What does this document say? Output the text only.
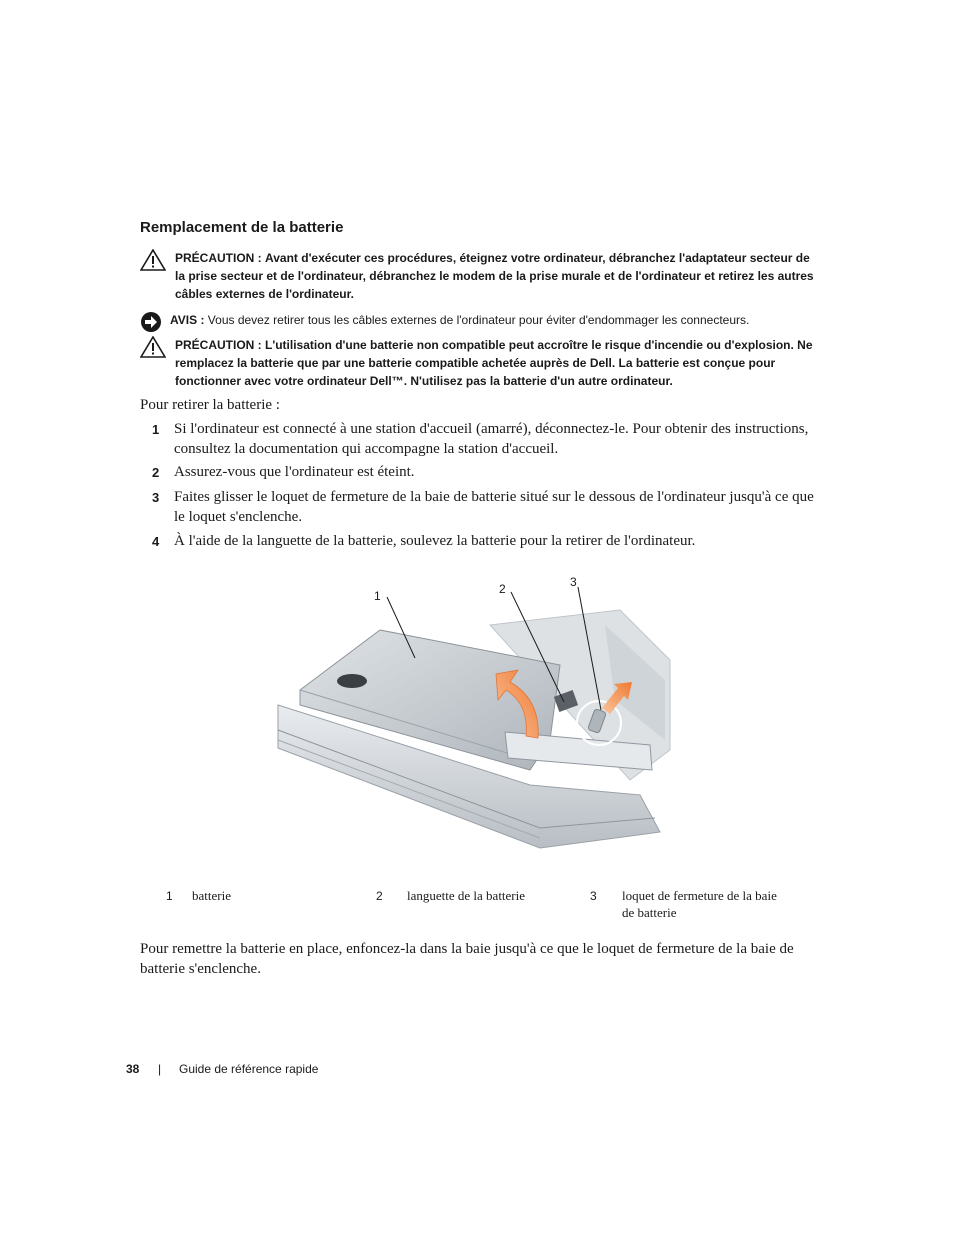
Remplacement de la batterie
PRÉCAUTION : Avant d'exécuter ces procédures, éteignez votre ordinateur, débranchez l'adaptateur secteur de la prise secteur et de l'ordinateur, débranchez le modem de la prise murale et de l'ordinateur et retirez les autres câbles externes de l'ordinateur.
AVIS : Vous devez retirer tous les câbles externes de l'ordinateur pour éviter d'endommager les connecteurs.
PRÉCAUTION : L'utilisation d'une batterie non compatible peut accroître le risque d'incendie ou d'explosion. Ne remplacez la batterie que par une batterie compatible achetée auprès de Dell. La batterie est conçue pour fonctionner avec votre ordinateur Dell™. N'utilisez pas la batterie d'un autre ordinateur.

Pour retirer la batterie :

1 Si l'ordinateur est connecté à une station d'accueil (amarré), déconnectez-le. Pour obtenir des instructions, consultez la documentation qui accompagne la station d'accueil.
2 Assurez-vous que l'ordinateur est éteint.
3 Faites glisser le loquet de fermeture de la baie de batterie situé sur le dessous de l'ordinateur jusqu'à ce que le loquet s'enclenche.
4 À l'aide de la languette de la batterie, soulevez la batterie pour la retirer de l'ordinateur.
1	2	3
1 batterie	2 languette de la batterie	3 loquet de fermeture de la baie de batterie

Pour remettre la batterie en place, enfoncez-la dans la baie jusqu'à ce que le loquet de fermeture de la baie de batterie s'enclenche.

38 | Guide de référence rapide
